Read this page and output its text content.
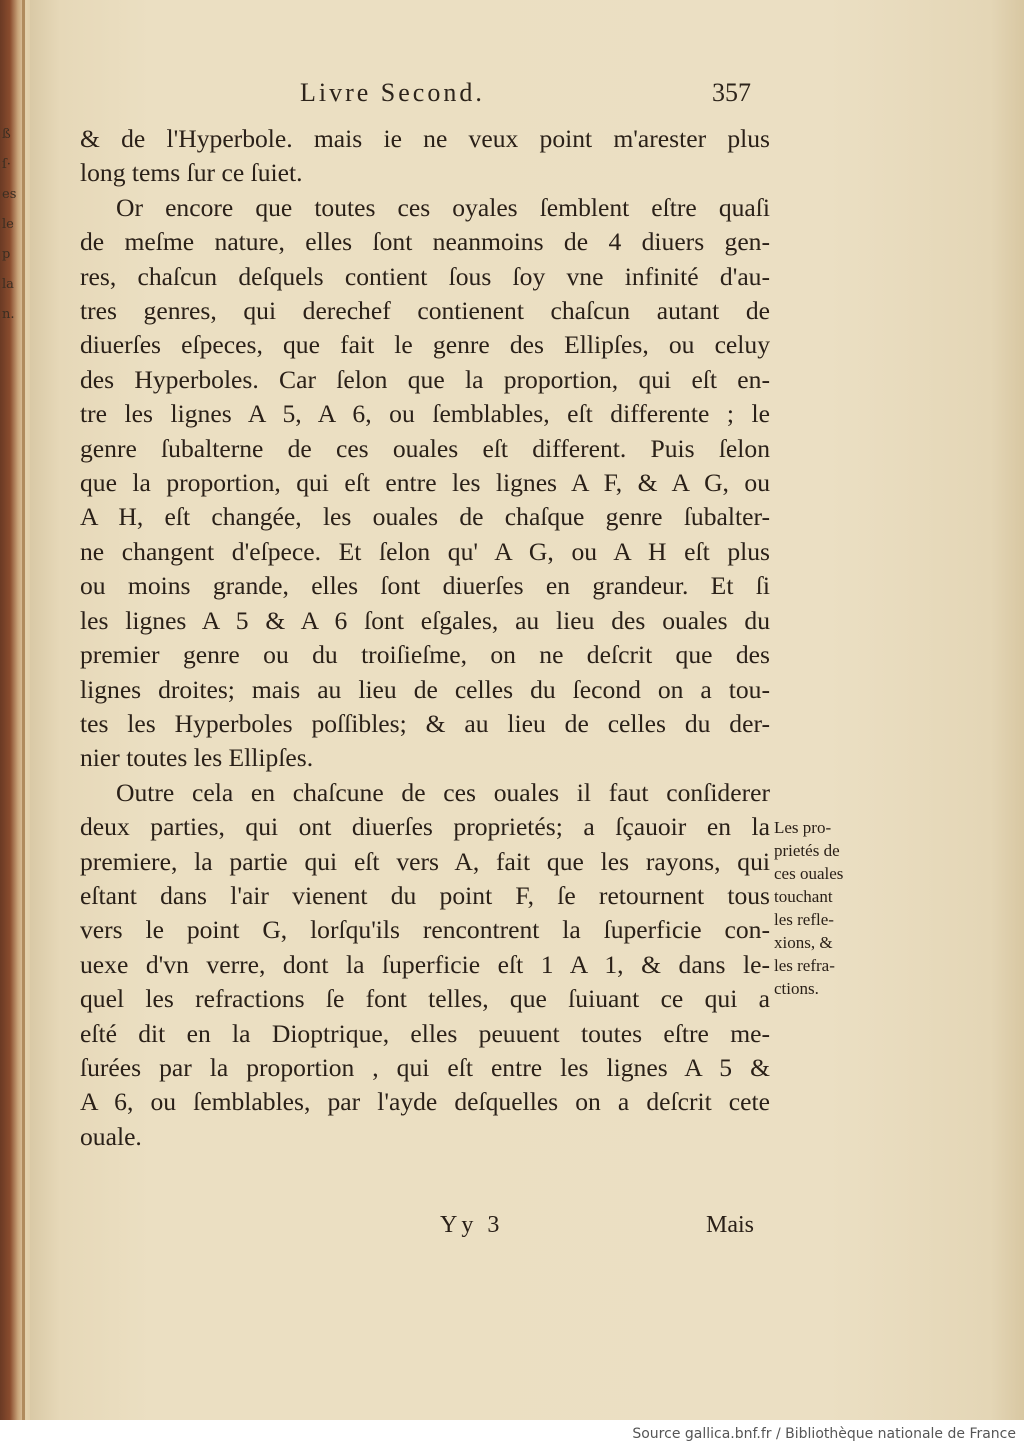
ß
ſ·
es
le
p
la
n.
Livre Second.	357
& de l'Hyperbole. mais ie ne veux point m'arester plus
long tems ſur ce ſuiet.
Or encore que toutes ces oуales ſemblent eſtre quaſi
de meſme nature, elles ſont neanmoins de 4 diuers gen-
res, chaſcun deſquels contient ſous ſoy vne infinité d'au-
tres genres, qui derechef contienent chaſcun autant de
diuerſes eſpeces, que fait le genre des Ellipſes, ou celuy
des Hyperboles. Car ſelon que la proportion, qui eſt en-
tre les lignes A 5, A 6, ou ſemblables, eſt differente ; le
genre ſubalterne de ces ouales eſt different. Puis ſelon
que la proportion, qui eſt entre les lignes A F, & A G, ou
A H, eſt changée, les ouales de chaſque genre ſubalter-
ne changent d'eſpece. Et ſelon qu' A G, ou A H eſt plus
ou moins grande, elles ſont diuerſes en grandeur. Et ſi
les lignes A 5 & A 6 ſont eſgales, au lieu des ouales du
premier genre ou du troiſieſme, on ne deſcrit que des
lignes droites; mais au lieu de celles du ſecond on a tou-
tes les Hyperboles poſſibles; & au lieu de celles du der-
nier toutes les Ellipſes.
Outre cela en chaſcune de ces ouales il faut conſiderer
deux parties, qui ont diuerſes proprietés; a ſçauoir en la
premiere, la partie qui eſt vers A, fait que les rayons, qui
eſtant dans l'air vienent du point F, ſe retournent tous
vers le point G, lorſqu'ils rencontrent la ſuperficie con-
uexe d'vn verre, dont la ſuperficie eſt 1 A 1, & dans le-
quel les refractions ſe font telles, que ſuiuant ce qui a
eſté dit en la Dioptrique, elles peuuent toutes eſtre me-
ſurées par la proportion , qui eſt entre les lignes A 5 &
A 6, ou ſemblables, par l'ayde deſquelles on a deſcrit cete
ouale.
Les pro-
prietés de
ces ouales
touchant
les refle-
xions, &
les refra-
ctions.
Yy 3	Mais
Source gallica.bnf.fr / Bibliothèque nationale de France
